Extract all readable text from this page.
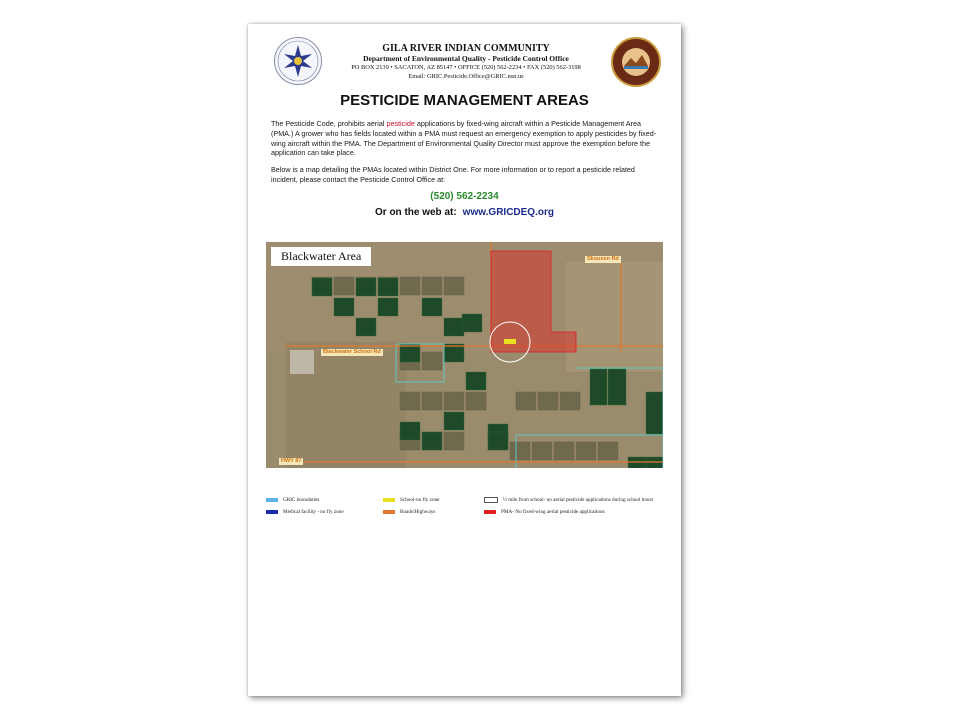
GILA RIVER INDIAN COMMUNITY
Department of Environmental Quality - Pesticide Control Office
PO BOX 2139 • SACATON, AZ 85147 • OFFICE (520) 562-2234 • FAX (520) 562-3198
Email: GRIC.Pesticide.Office@GRIC.nsn.us
PESTICIDE MANAGEMENT AREAS
The Pesticide Code, prohibits aerial pesticide applications by fixed-wing aircraft within a Pesticide Management Area (PMA.) A grower who has fields located within a PMA must request an emergency exemption to apply pesticides by fixed-wing aircraft within the PMA. The Department of Environmental Quality Director must approve the exemption before the application can take place.
Below is a map detailing the PMAs located within District One. For more information or to report a pesticide related incident, please contact the Pesticide Control Office at:
(520) 562-2234
Or on the web at: www.GRICDEQ.org
Blackwater Area	Skousen Rd
Blackwater School Rd
HWY 87
GRIC boundaries	School-no fly zone	½ mile from school- no aerial pesticide applications during school hours
Medical facility - no fly zone	Roads/Highways	PMA- No fixed-wing aerial pesticide applications
